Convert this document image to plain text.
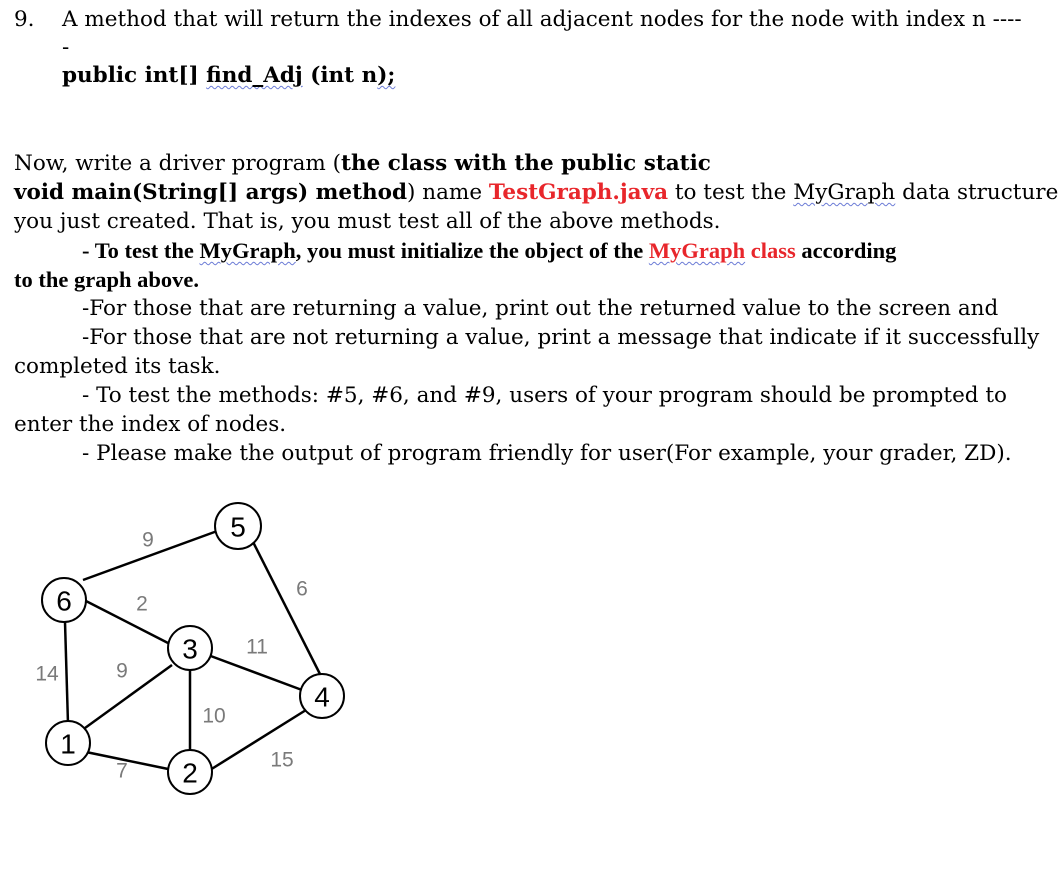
9. A method that will return the indexes of all adjacent nodes for the node with index n ----
-
public int[] find_Adj (int n);
Now, write a driver program (the class with the public static
void main(String[] args) method) name TestGraph.java to test the MyGraph data structure
you just created. That is, you must test all of the above methods.
- To test the MyGraph, you must initialize the object of the MyGraph class according
to the graph above.
-For those that are returning a value, print out the returned value to the screen and
-For those that are not returning a value, print a message that indicate if it successfully
completed its task.
- To test the methods: #5, #6, and #9, users of your program should be prompted to
enter the index of nodes.
- Please make the output of program friendly for user(For example, your grader, ZD).
5
6
3
4
1
2
9
2
14	9
7
10
11
6
15
